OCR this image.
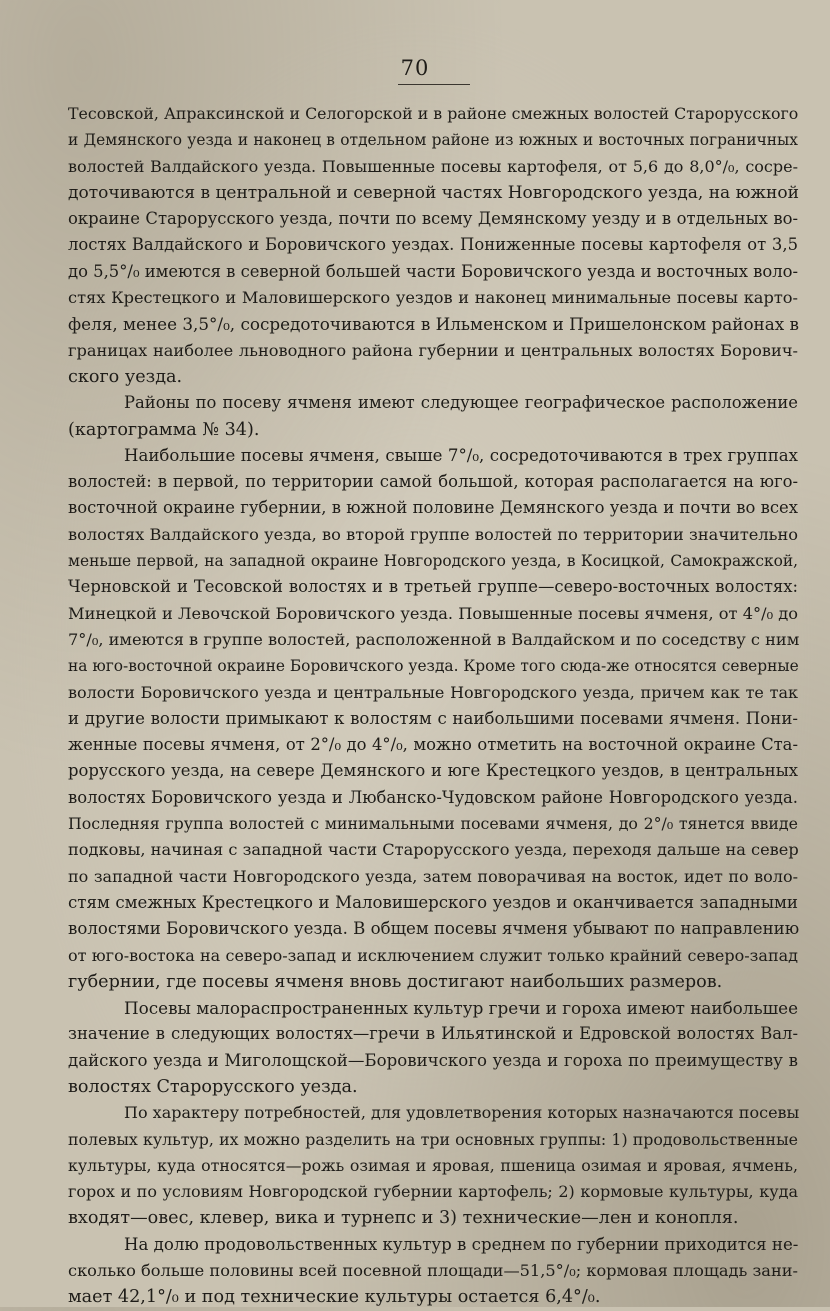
70
Тесовской, Апраксинской и Селогорской и в районе смежных волостей Старорусского
и Демянского уезда и наконец в отдельном районе из южных и восточных пограничных
волостей Валдайского уезда. Повышенные посевы картофеля, от 5,6 до 8,0°/₀, сосре-
доточиваются в центральной и северной частях Новгородского уезда, на южной
окраине Старорусского уезда, почти по всему Демянскому уезду и в отдельных во-
лостях Валдайского и Боровичского уездах. Пониженные посевы картофеля от 3,5
до 5,5°/₀ имеются в северной большей части Боровичского уезда и восточных воло-
стях Крестецкого и Маловишерского уездов и наконец минимальные посевы карто-
феля, менее 3,5°/₀, сосредоточиваются в Ильменском и Пришелонском районах в
границах наиболее льноводного района губернии и центральных волостях Борович-
ского уезда.
Районы по посеву ячменя имеют следующее географическое расположение
(картограмма № 34).
Наибольшие посевы ячменя, свыше 7°/₀, сосредоточиваются в трех группах
волостей: в первой, по территории самой большой, которая располагается на юго-
восточной окраине губернии, в южной половине Демянского уезда и почти во всех
волостях Валдайского уезда, во второй группе волостей по территории значительно
меньше первой, на западной окраине Новгородского уезда, в Косицкой, Самокражской,
Черновской и Тесовской волостях и в третьей группе—северо-восточных волостях:
Минецкой и Левочской Боровичского уезда. Повышенные посевы ячменя, от 4°/₀ до
7°/₀, имеются в группе волостей, расположенной в Валдайском и по соседству с ним
на юго-восточной окраине Боровичского уезда. Кроме того сюда-же относятся северные
волости Боровичского уезда и центральные Новгородского уезда, причем как те так
и другие волости примыкают к волостям с наибольшими посевами ячменя. Пони-
женные посевы ячменя, от 2°/₀ до 4°/₀, можно отметить на восточной окраине Ста-
рорусского уезда, на севере Демянского и юге Крестецкого уездов, в центральных
волостях Боровичского уезда и Любанско-Чудовском районе Новгородского уезда.
Последняя группа волостей с минимальными посевами ячменя, до 2°/₀ тянется ввиде
подковы, начиная с западной части Старорусского уезда, переходя дальше на север
по западной части Новгородского уезда, затем поворачивая на восток, идет по воло-
стям смежных Крестецкого и Маловишерского уездов и оканчивается западными
волостями Боровичского уезда. В общем посевы ячменя убывают по направлению
от юго-востока на северо-запад и исключением служит только крайний северо-запад
губернии, где посевы ячменя вновь достигают наибольших размеров.
Посевы малораспространенных культур гречи и гороха имеют наибольшее
значение в следующих волостях—гречи в Ильятинской и Едровской волостях Вал-
дайского уезда и Миголощской—Боровичского уезда и гороха по преимуществу в
волостях Старорусского уезда.
По характеру потребностей, для удовлетворения которых назначаются посевы
полевых культур, их можно разделить на три основных группы: 1) продовольственные
культуры, куда относятся—рожь озимая и яровая, пшеница озимая и яровая, ячмень,
горох и по условиям Новгородской губернии картофель; 2) кормовые культуры, куда
входят—овес, клевер, вика и турнепс и 3) технические—лен и конопля.
На долю продовольственных культур в среднем по губернии приходится не-
сколько больше половины всей посевной площади—51,5°/₀; кормовая площадь зани-
мает 42,1°/₀ и под технические культуры остается 6,4°/₀.
